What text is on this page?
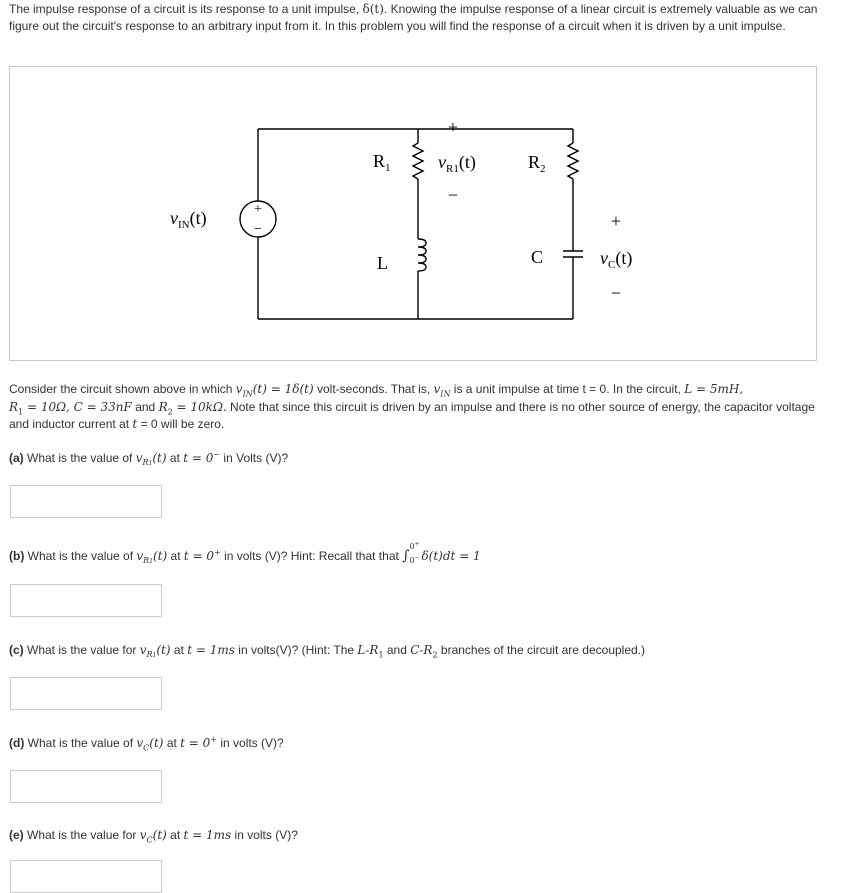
The impulse response of a circuit is its response to a unit impulse, δ(t). Knowing the impulse response of a linear circuit is extremely valuable as we can figure out the circuit's response to an arbitrary input from it. In this problem you will find the response of a circuit when it is driven by a unit impulse.

+
−
$v_{IN}(t)$
$R_1$
+
$v_{R1}(t)$
−
$R_2$
L	C
+
$v_C(t)$
−

Consider the circuit shown above in which $v_{IN}(t) = 1\delta(t)$ volt-seconds. That is, $v_{IN}$ is a unit impulse at time t = 0. In the circuit, L = 5mH,
$R_1 = 10\Omega$, C = 33nF and $R_2 = 10k\Omega$. Note that since this circuit is driven by an impulse and there is no other source of energy, the capacitor voltage and inductor current at t = 0 will be zero.

(a) What is the value of $v_{R1}(t)$ at t = 0− in Volts (V)?

(b) What is the value of $v_{R1}(t)$ at t = 0+ in volts (V)? Hint: Recall that that ∫
0+
0− δ(t)dt = 1

(c) What is the value for $v_{R1}(t)$ at t = 1ms in volts(V)? (Hint: The $L-R_1$ and $C-R_2$ branches of the circuit are decoupled.)

(d) What is the value of $v_C(t)$ at t = 0+ in volts (V)?

(e) What is the value for $v_C(t)$ at t = 1ms in volts (V)?
